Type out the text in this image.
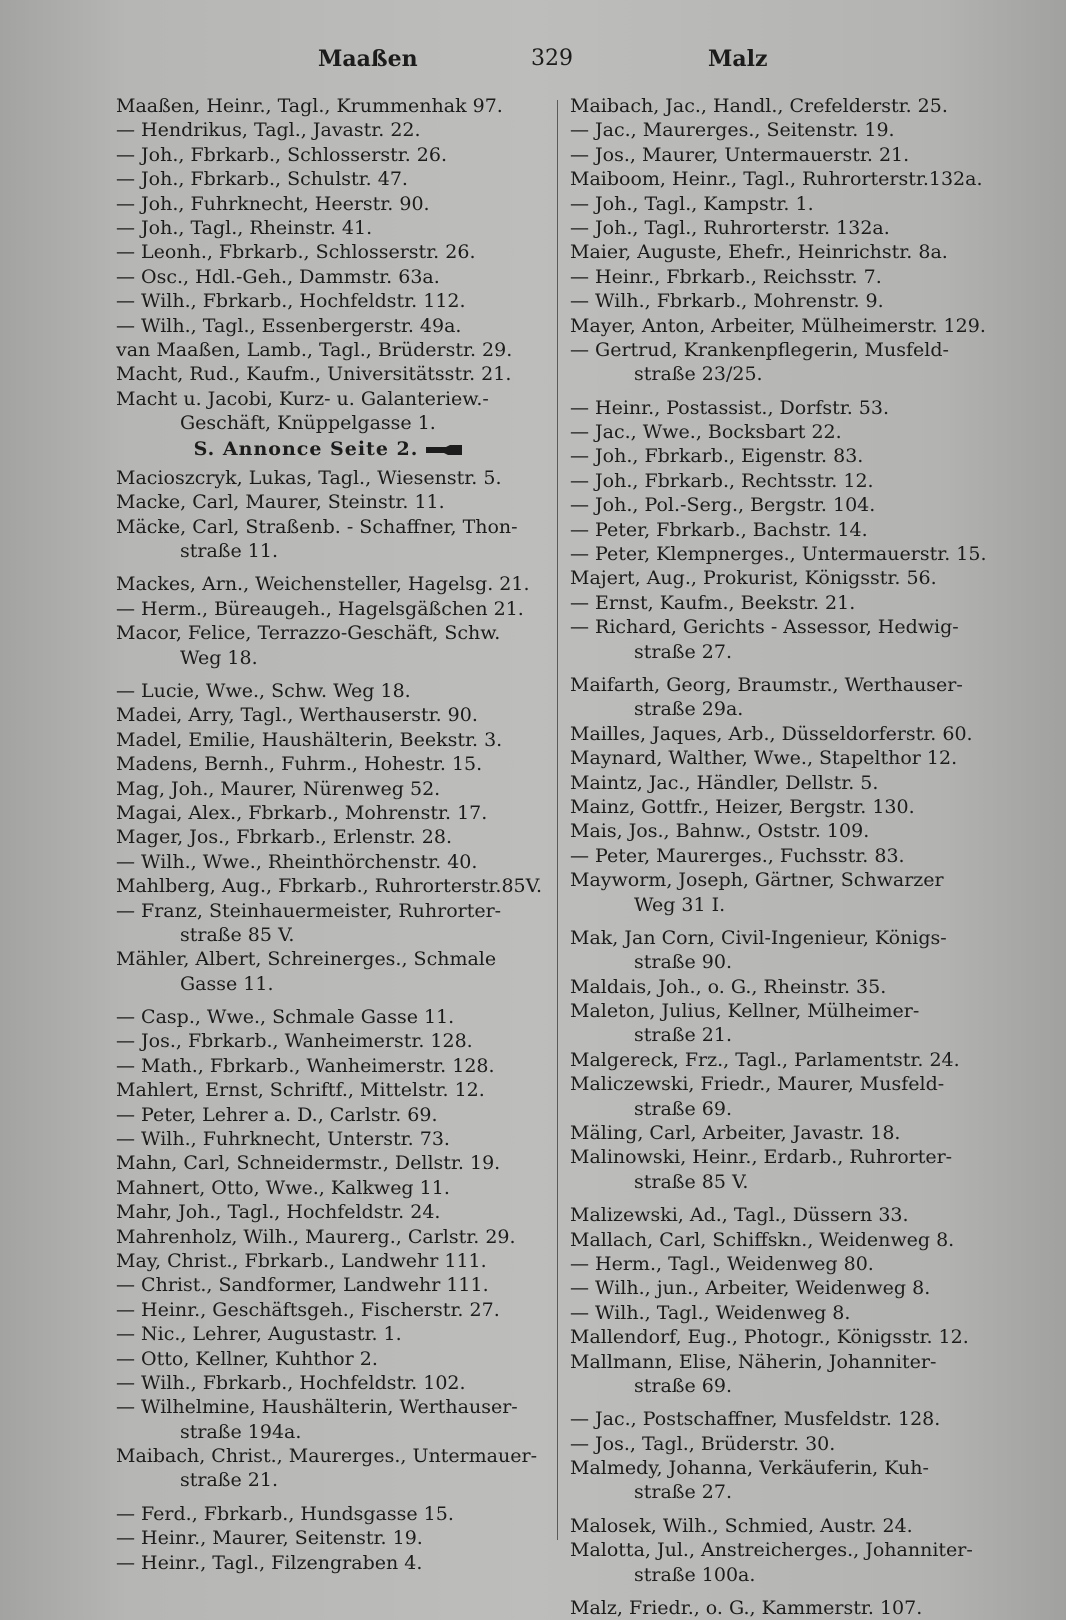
Maaßen	329	Malz
Maaßen, Heinr., Tagl., Krummenhak 97.
— Hendrikus, Tagl., Javastr. 22.
— Joh., Fbrkarb., Schlosserstr. 26.
— Joh., Fbrkarb., Schulstr. 47.
— Joh., Fuhrknecht, Heerstr. 90.
— Joh., Tagl., Rheinstr. 41.
— Leonh., Fbrkarb., Schlosserstr. 26.
— Osc., Hdl.-Geh., Dammstr. 63a.
— Wilh., Fbrkarb., Hochfeldstr. 112.
— Wilh., Tagl., Essenbergerstr. 49a.
van Maaßen, Lamb., Tagl., Brüderstr. 29.
Macht, Rud., Kaufm., Universitätsstr. 21.
Macht u. Jacobi, Kurz- u. Galanteriew.-
Geschäft, Knüppelgasse 1.
S. Annonce Seite 2.
Macioszcryk, Lukas, Tagl., Wiesenstr. 5.
Macke, Carl, Maurer, Steinstr. 11.
Mäcke, Carl, Straßenb. - Schaffner, Thon-
straße 11.
Mackes, Arn., Weichensteller, Hagelsg. 21.
— Herm., Büreaugeh., Hagelsgäßchen 21.
Macor, Felice, Terrazzo-Geschäft, Schw.
Weg 18.
— Lucie, Wwe., Schw. Weg 18.
Madei, Arry, Tagl., Werthauserstr. 90.
Madel, Emilie, Haushälterin, Beekstr. 3.
Madens, Bernh., Fuhrm., Hohestr. 15.
Mag, Joh., Maurer, Nürenweg 52.
Magai, Alex., Fbrkarb., Mohrenstr. 17.
Mager, Jos., Fbrkarb., Erlenstr. 28.
— Wilh., Wwe., Rheinthörchenstr. 40.
Mahlberg, Aug., Fbrkarb., Ruhrorterstr.85V.
— Franz, Steinhauermeister, Ruhrorter-
straße 85 V.
Mähler, Albert, Schreinerges., Schmale
Gasse 11.
— Casp., Wwe., Schmale Gasse 11.
— Jos., Fbrkarb., Wanheimerstr. 128.
— Math., Fbrkarb., Wanheimerstr. 128.
Mahlert, Ernst, Schriftf., Mittelstr. 12.
— Peter, Lehrer a. D., Carlstr. 69.
— Wilh., Fuhrknecht, Unterstr. 73.
Mahn, Carl, Schneidermstr., Dellstr. 19.
Mahnert, Otto, Wwe., Kalkweg 11.
Mahr, Joh., Tagl., Hochfeldstr. 24.
Mahrenholz, Wilh., Maurerg., Carlstr. 29.
May, Christ., Fbrkarb., Landwehr 111.
— Christ., Sandformer, Landwehr 111.
— Heinr., Geschäftsgeh., Fischerstr. 27.
— Nic., Lehrer, Augustastr. 1.
— Otto, Kellner, Kuhthor 2.
— Wilh., Fbrkarb., Hochfeldstr. 102.
— Wilhelmine, Haushälterin, Werthauser-
straße 194a.
Maibach, Christ., Maurerges., Untermauer-
straße 21.
— Ferd., Fbrkarb., Hundsgasse 15.
— Heinr., Maurer, Seitenstr. 19.
— Heinr., Tagl., Filzengraben 4.
Maibach, Jac., Handl., Crefelderstr. 25.
— Jac., Maurerges., Seitenstr. 19.
— Jos., Maurer, Untermauerstr. 21.
Maiboom, Heinr., Tagl., Ruhrorterstr.132a.
— Joh., Tagl., Kampstr. 1.
— Joh., Tagl., Ruhrorterstr. 132a.
Maier, Auguste, Ehefr., Heinrichstr. 8a.
— Heinr., Fbrkarb., Reichsstr. 7.
— Wilh., Fbrkarb., Mohrenstr. 9.
Mayer, Anton, Arbeiter, Mülheimerstr. 129.
— Gertrud, Krankenpflegerin, Musfeld-
straße 23/25.
— Heinr., Postassist., Dorfstr. 53.
— Jac., Wwe., Bocksbart 22.
— Joh., Fbrkarb., Eigenstr. 83.
— Joh., Fbrkarb., Rechtsstr. 12.
— Joh., Pol.-Serg., Bergstr. 104.
— Peter, Fbrkarb., Bachstr. 14.
— Peter, Klempnerges., Untermauerstr. 15.
Majert, Aug., Prokurist, Königsstr. 56.
— Ernst, Kaufm., Beekstr. 21.
— Richard, Gerichts - Assessor, Hedwig-
straße 27.
Maifarth, Georg, Braumstr., Werthauser-
straße 29a.
Mailles, Jaques, Arb., Düsseldorferstr. 60.
Maynard, Walther, Wwe., Stapelthor 12.
Maintz, Jac., Händler, Dellstr. 5.
Mainz, Gottfr., Heizer, Bergstr. 130.
Mais, Jos., Bahnw., Oststr. 109.
— Peter, Maurerges., Fuchsstr. 83.
Mayworm, Joseph, Gärtner, Schwarzer
Weg 31 I.
Mak, Jan Corn, Civil-Ingenieur, Königs-
straße 90.
Maldais, Joh., o. G., Rheinstr. 35.
Maleton, Julius, Kellner, Mülheimer-
straße 21.
Malgereck, Frz., Tagl., Parlamentstr. 24.
Maliczewski, Friedr., Maurer, Musfeld-
straße 69.
Mäling, Carl, Arbeiter, Javastr. 18.
Malinowski, Heinr., Erdarb., Ruhrorter-
straße 85 V.
Malizewski, Ad., Tagl., Düssern 33.
Mallach, Carl, Schiffskn., Weidenweg 8.
— Herm., Tagl., Weidenweg 80.
— Wilh., jun., Arbeiter, Weidenweg 8.
— Wilh., Tagl., Weidenweg 8.
Mallendorf, Eug., Photogr., Königsstr. 12.
Mallmann, Elise, Näherin, Johanniter-
straße 69.
— Jac., Postschaffner, Musfeldstr. 128.
— Jos., Tagl., Brüderstr. 30.
Malmedy, Johanna, Verkäuferin, Kuh-
straße 27.
Malosek, Wilh., Schmied, Austr. 24.
Malotta, Jul., Anstreicherges., Johanniter-
straße 100a.
Malz, Friedr., o. G., Kammerstr. 107.
